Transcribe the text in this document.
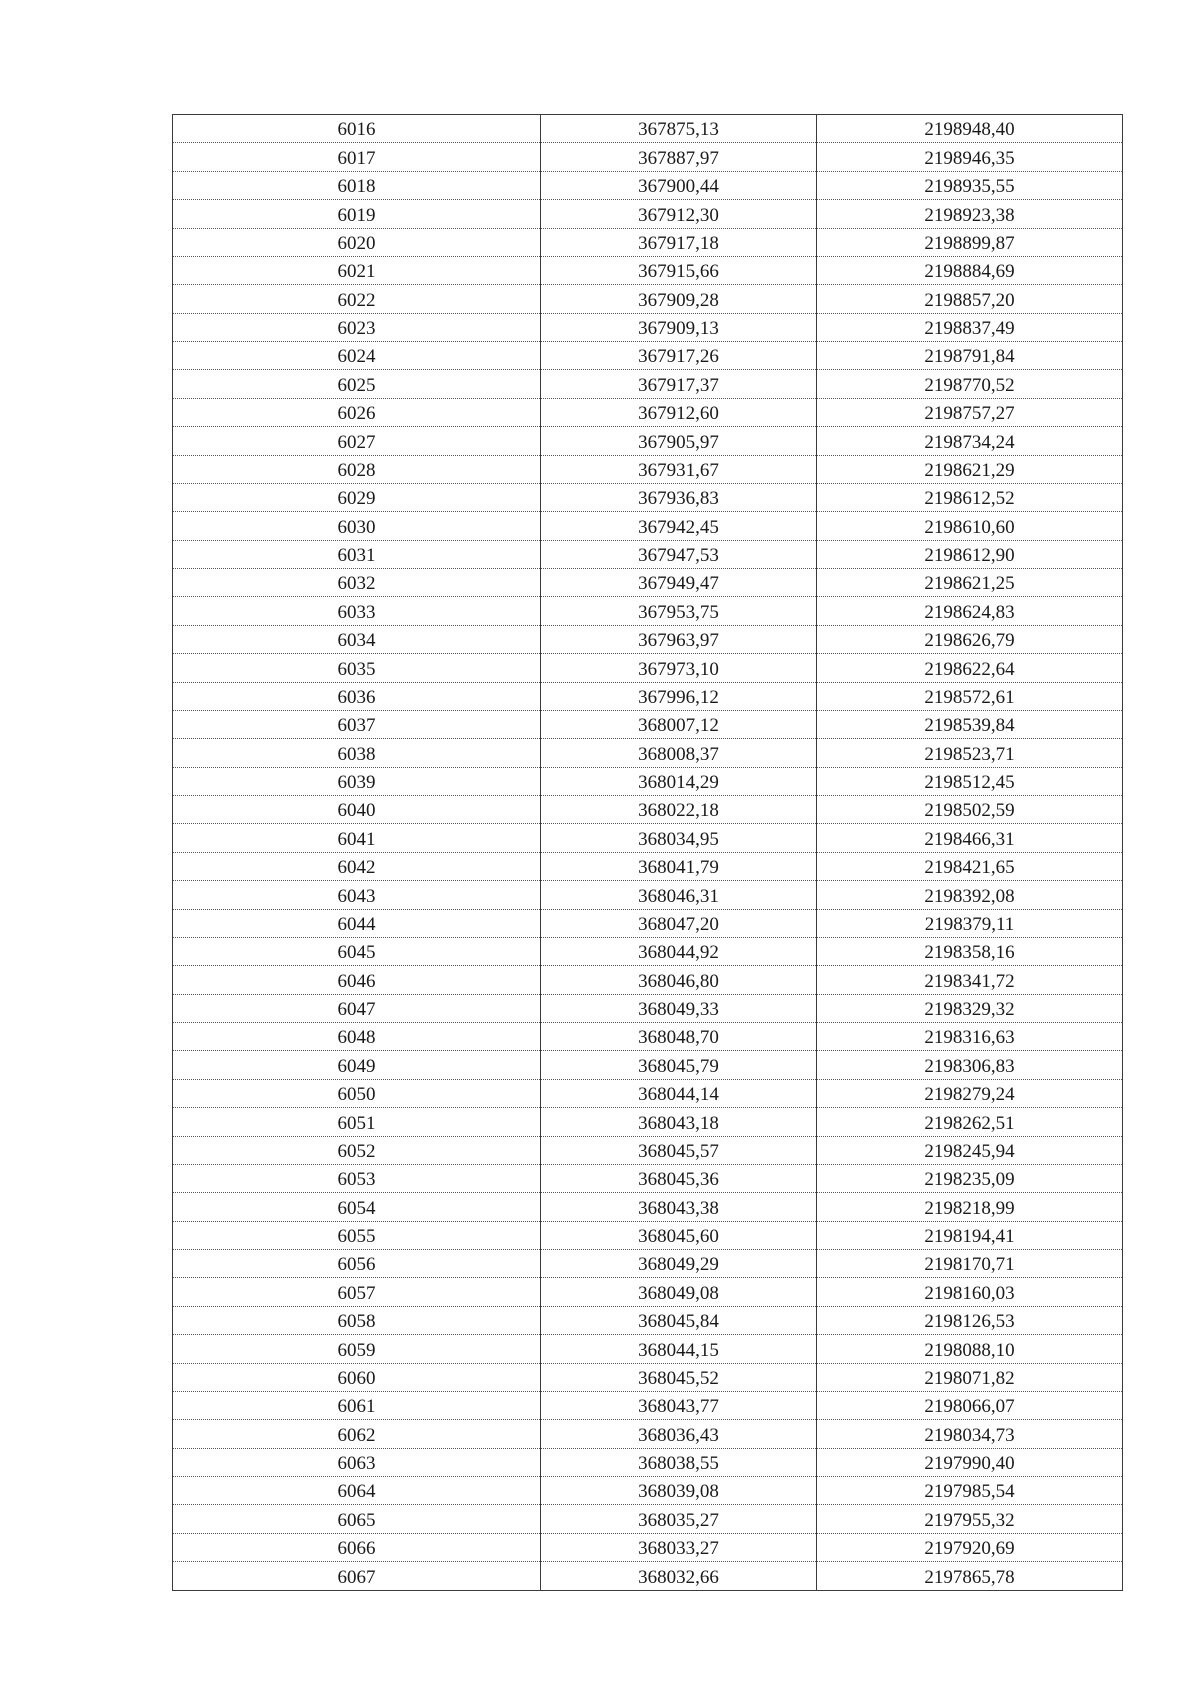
6016	367875,13	2198948,40
6017	367887,97	2198946,35
6018	367900,44	2198935,55
6019	367912,30	2198923,38
6020	367917,18	2198899,87
6021	367915,66	2198884,69
6022	367909,28	2198857,20
6023	367909,13	2198837,49
6024	367917,26	2198791,84
6025	367917,37	2198770,52
6026	367912,60	2198757,27
6027	367905,97	2198734,24
6028	367931,67	2198621,29
6029	367936,83	2198612,52
6030	367942,45	2198610,60
6031	367947,53	2198612,90
6032	367949,47	2198621,25
6033	367953,75	2198624,83
6034	367963,97	2198626,79
6035	367973,10	2198622,64
6036	367996,12	2198572,61
6037	368007,12	2198539,84
6038	368008,37	2198523,71
6039	368014,29	2198512,45
6040	368022,18	2198502,59
6041	368034,95	2198466,31
6042	368041,79	2198421,65
6043	368046,31	2198392,08
6044	368047,20	2198379,11
6045	368044,92	2198358,16
6046	368046,80	2198341,72
6047	368049,33	2198329,32
6048	368048,70	2198316,63
6049	368045,79	2198306,83
6050	368044,14	2198279,24
6051	368043,18	2198262,51
6052	368045,57	2198245,94
6053	368045,36	2198235,09
6054	368043,38	2198218,99
6055	368045,60	2198194,41
6056	368049,29	2198170,71
6057	368049,08	2198160,03
6058	368045,84	2198126,53
6059	368044,15	2198088,10
6060	368045,52	2198071,82
6061	368043,77	2198066,07
6062	368036,43	2198034,73
6063	368038,55	2197990,40
6064	368039,08	2197985,54
6065	368035,27	2197955,32
6066	368033,27	2197920,69
6067	368032,66	2197865,78
